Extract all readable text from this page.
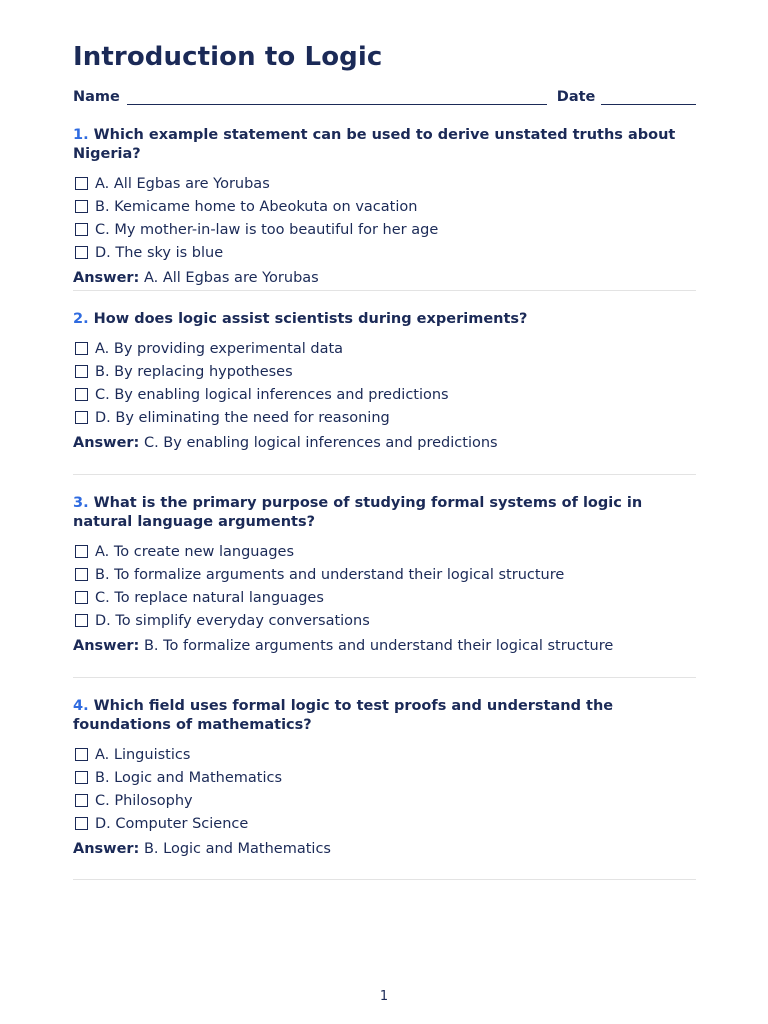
Introduction to Logic
Name	Date

1. Which example statement can be used to derive unstated truths about Nigeria?

A. All Egbas are Yorubas
B. Kemicame home to Abeokuta on vacation
C. My mother-in-law is too beautiful for her age
D. The sky is blue
Answer: A. All Egbas are Yorubas

2. How does logic assist scientists during experiments?

A. By providing experimental data
B. By replacing hypotheses
C. By enabling logical inferences and predictions
D. By eliminating the need for reasoning
Answer: C. By enabling logical inferences and predictions

3. What is the primary purpose of studying formal systems of logic in natural language arguments?

A. To create new languages
B. To formalize arguments and understand their logical structure
C. To replace natural languages
D. To simplify everyday conversations
Answer: B. To formalize arguments and understand their logical structure

4. Which field uses formal logic to test proofs and understand the foundations of mathematics?

A. Linguistics
B. Logic and Mathematics
C. Philosophy
D. Computer Science
Answer: B. Logic and Mathematics
1
